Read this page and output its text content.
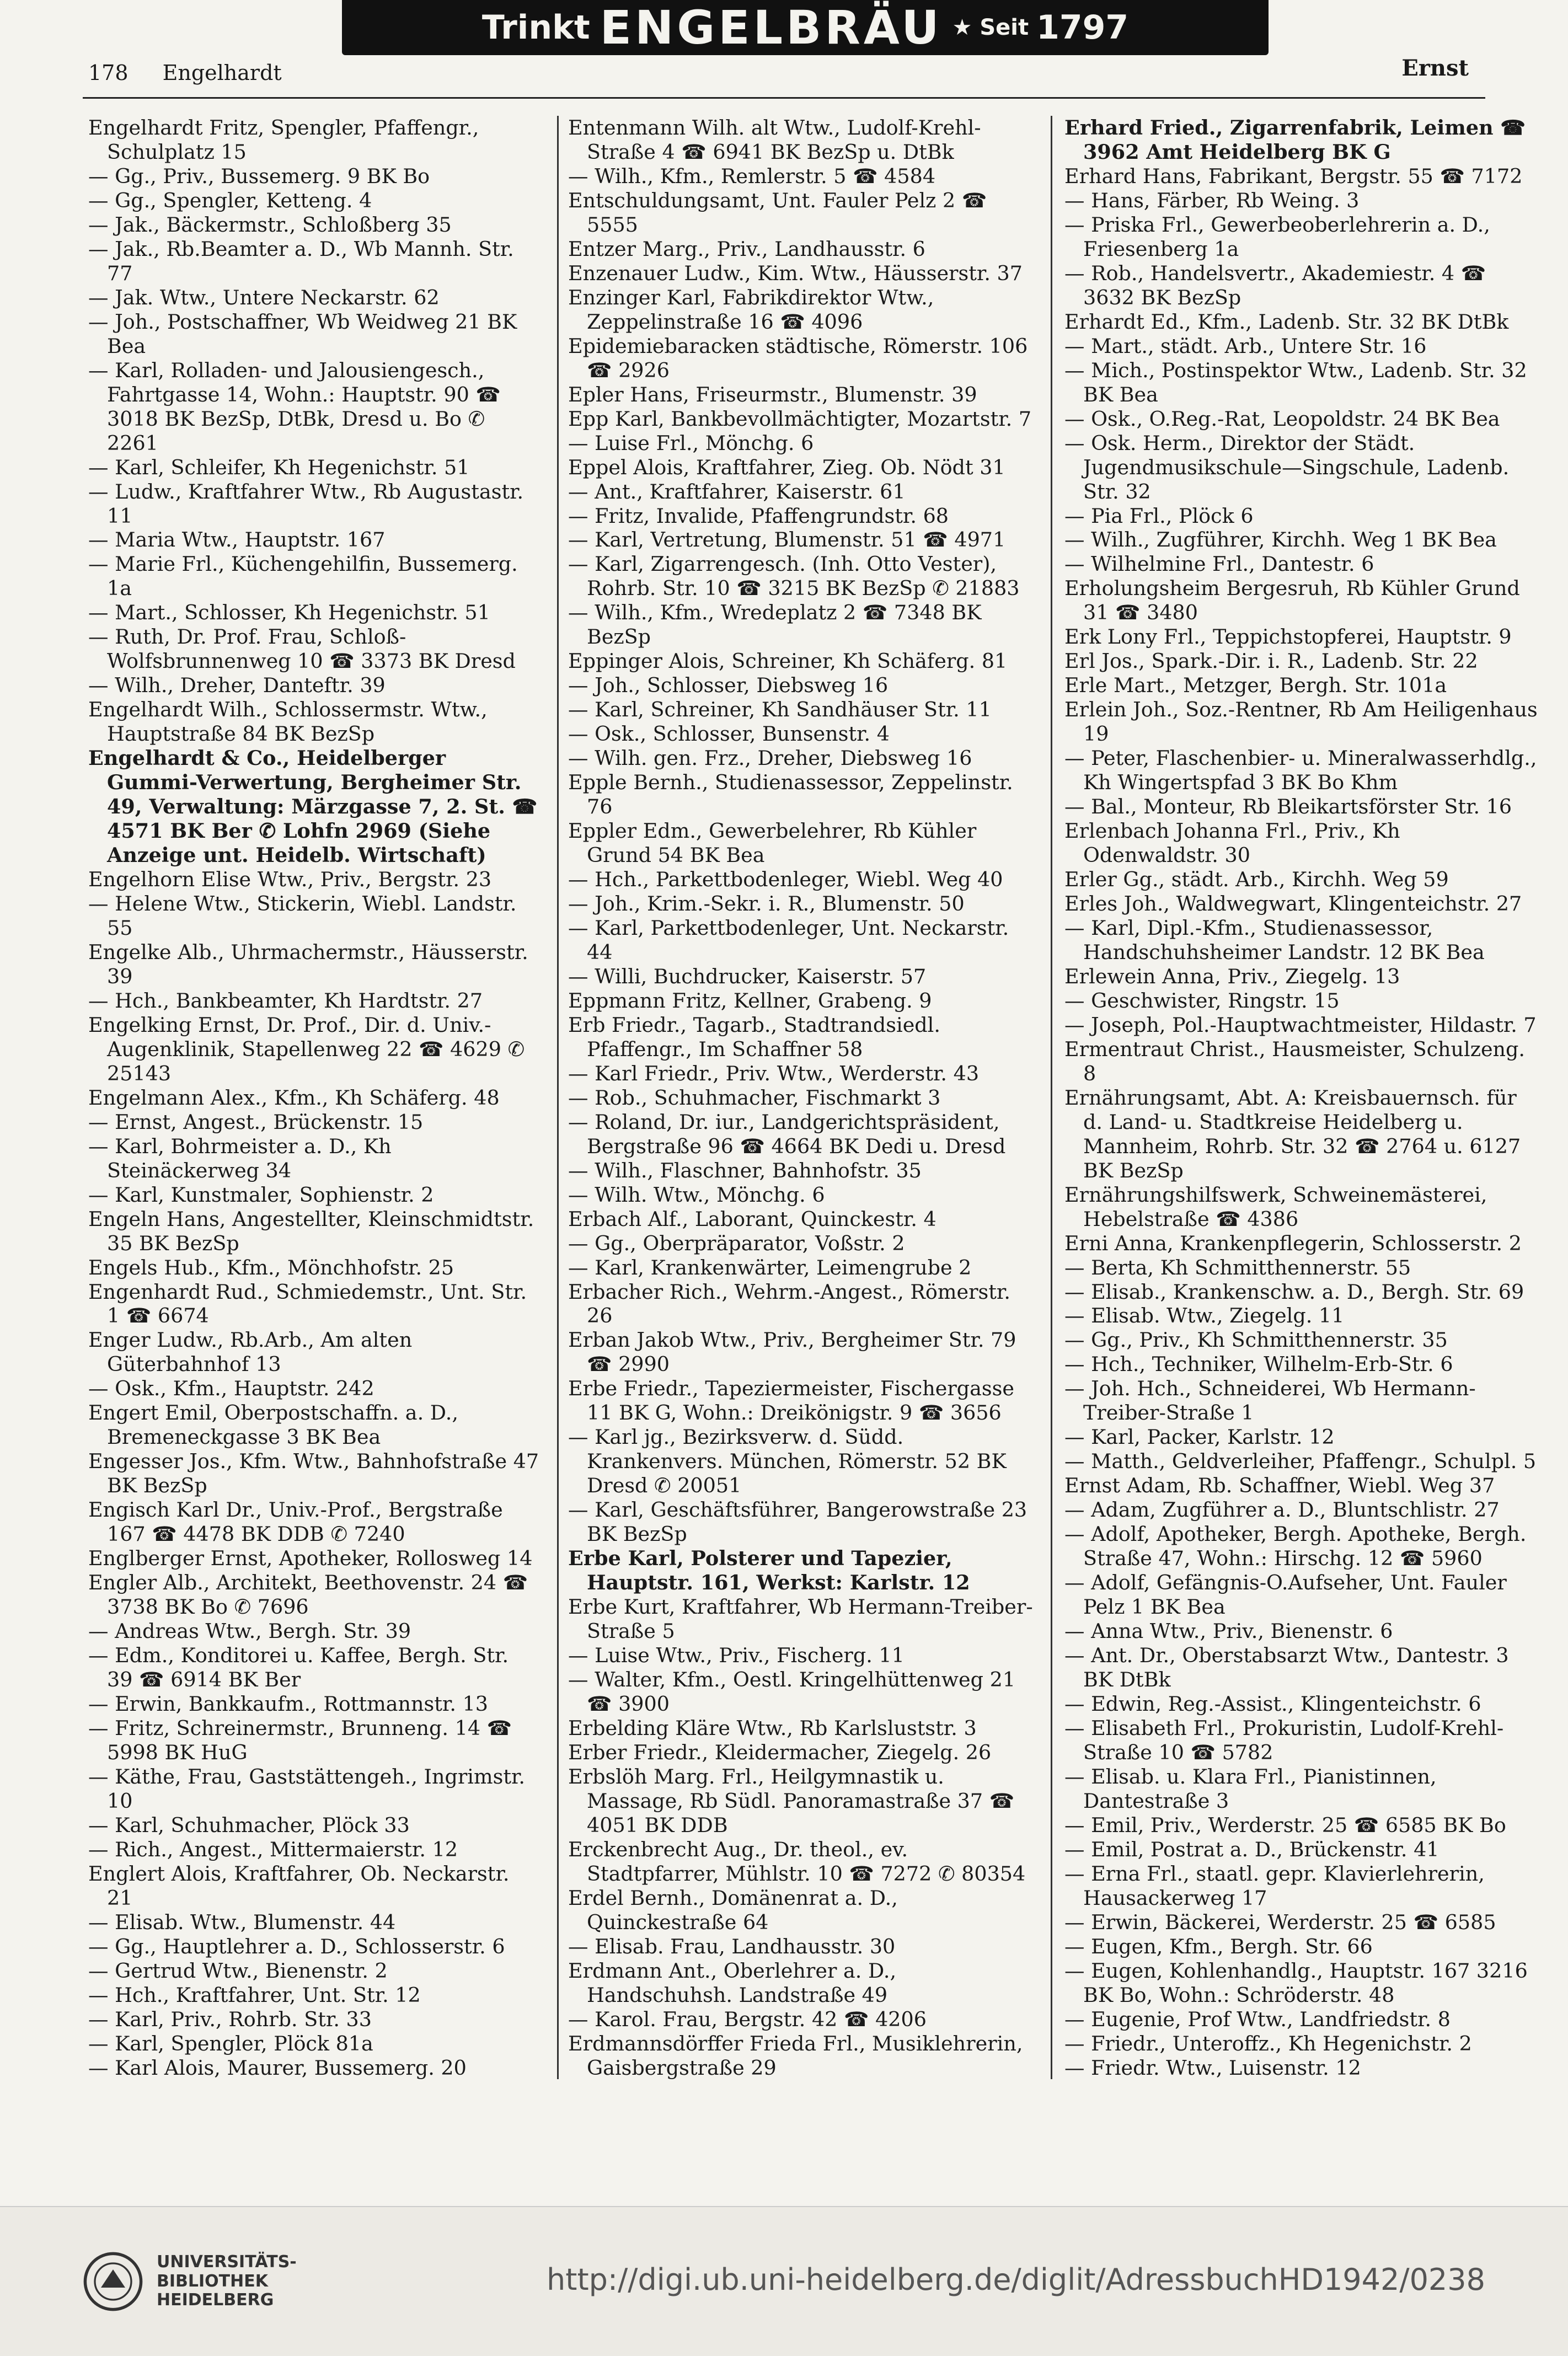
178 Engelhardt
Trinkt ENGELBRÄU ★ Seit 1797
Ernst

Engelhardt Fritz, Spengler, Pfaffengr., Schulplatz 15

— Gg., Priv., Bussemerg. 9 BK Bo

— Gg., Spengler, Ketteng. 4

— Jak., Bäckermstr., Schloßberg 35

— Jak., Rb.Beamter a. D., Wb Mannh. Str. 77

— Jak. Wtw., Untere Neckarstr. 62

— Joh., Postschaffner, Wb Weidweg 21 BK Bea

— Karl, Rolladen- und Jalousiengesch., Fahrtgasse 14, Wohn.: Hauptstr. 90 ☎ 3018 BK BezSp, DtBk, Dresd u. Bo ✆ 2261

— Karl, Schleifer, Kh Hegenichstr. 51

— Ludw., Kraftfahrer Wtw., Rb Augustastr. 11

— Maria Wtw., Hauptstr. 167

— Marie Frl., Küchengehilfin, Bussemerg. 1a

— Mart., Schlosser, Kh Hegenichstr. 51

— Ruth, Dr. Prof. Frau, Schloß-Wolfsbrunnenweg 10 ☎ 3373 BK Dresd

— Wilh., Dreher, Danteftr. 39

Engelhardt Wilh., Schlossermstr. Wtw., Hauptstraße 84 BK BezSp

Engelhardt & Co., Heidelberger Gummi-Verwertung, Bergheimer Str. 49, Verwaltung: Märzgasse 7, 2. St. ☎ 4571 BK Ber ✆ Lohfn 2969 (Siehe Anzeige unt. Heidelb. Wirtschaft)

Engelhorn Elise Wtw., Priv., Bergstr. 23

— Helene Wtw., Stickerin, Wiebl. Landstr. 55

Engelke Alb., Uhrmachermstr., Häusserstr. 39

— Hch., Bankbeamter, Kh Hardtstr. 27

Engelking Ernst, Dr. Prof., Dir. d. Univ.-Augenklinik, Stapellenweg 22 ☎ 4629 ✆ 25143

Engelmann Alex., Kfm., Kh Schäferg. 48

— Ernst, Angest., Brückenstr. 15

— Karl, Bohrmeister a. D., Kh Steinäckerweg 34

— Karl, Kunstmaler, Sophienstr. 2

Engeln Hans, Angestellter, Kleinschmidtstr. 35 BK BezSp

Engels Hub., Kfm., Mönchhofstr. 25

Engenhardt Rud., Schmiedemstr., Unt. Str. 1 ☎ 6674

Enger Ludw., Rb.Arb., Am alten Güterbahnhof 13

— Osk., Kfm., Hauptstr. 242

Engert Emil, Oberpostschaffn. a. D., Bremeneckgasse 3 BK Bea

Engesser Jos., Kfm. Wtw., Bahnhofstraße 47 BK BezSp

Engisch Karl Dr., Univ.-Prof., Bergstraße 167 ☎ 4478 BK DDB ✆ 7240

Englberger Ernst, Apotheker, Rollosweg 14

Engler Alb., Architekt, Beethovenstr. 24 ☎ 3738 BK Bo ✆ 7696

— Andreas Wtw., Bergh. Str. 39

— Edm., Konditorei u. Kaffee, Bergh. Str. 39 ☎ 6914 BK Ber

— Erwin, Bankkaufm., Rottmannstr. 13

— Fritz, Schreinermstr., Brunneng. 14 ☎ 5998 BK HuG

— Käthe, Frau, Gaststättengeh., Ingrimstr. 10

— Karl, Schuhmacher, Plöck 33

— Rich., Angest., Mittermaierstr. 12

Englert Alois, Kraftfahrer, Ob. Neckarstr. 21

— Elisab. Wtw., Blumenstr. 44

— Gg., Hauptlehrer a. D., Schlosserstr. 6

— Gertrud Wtw., Bienenstr. 2

— Hch., Kraftfahrer, Unt. Str. 12

— Karl, Priv., Rohrb. Str. 33

— Karl, Spengler, Plöck 81a

— Karl Alois, Maurer, Bussemerg. 20

Entenmann Wilh. alt Wtw., Ludolf-Krehl-Straße 4 ☎ 6941 BK BezSp u. DtBk

— Wilh., Kfm., Remlerstr. 5 ☎ 4584

Entschuldungsamt, Unt. Fauler Pelz 2 ☎ 5555

Entzer Marg., Priv., Landhausstr. 6

Enzenauer Ludw., Kim. Wtw., Häusserstr. 37

Enzinger Karl, Fabrikdirektor Wtw., Zeppelinstraße 16 ☎ 4096

Epidemiebaracken städtische, Römerstr. 106 ☎ 2926

Epler Hans, Friseurmstr., Blumenstr. 39

Epp Karl, Bankbevollmächtigter, Mozartstr. 7

— Luise Frl., Mönchg. 6

Eppel Alois, Kraftfahrer, Zieg. Ob. Nödt 31

— Ant., Kraftfahrer, Kaiserstr. 61

— Fritz, Invalide, Pfaffengrundstr. 68

— Karl, Vertretung, Blumenstr. 51 ☎ 4971

— Karl, Zigarrengesch. (Inh. Otto Vester), Rohrb. Str. 10 ☎ 3215 BK BezSp ✆ 21883

— Wilh., Kfm., Wredeplatz 2 ☎ 7348 BK BezSp

Eppinger Alois, Schreiner, Kh Schäferg. 81

— Joh., Schlosser, Diebsweg 16

— Karl, Schreiner, Kh Sandhäuser Str. 11

— Osk., Schlosser, Bunsenstr. 4

— Wilh. gen. Frz., Dreher, Diebsweg 16

Epple Bernh., Studienassessor, Zeppelinstr. 76

Eppler Edm., Gewerbelehrer, Rb Kühler Grund 54 BK Bea

— Hch., Parkettbodenleger, Wiebl. Weg 40

— Joh., Krim.-Sekr. i. R., Blumenstr. 50

— Karl, Parkettbodenleger, Unt. Neckarstr. 44

— Willi, Buchdrucker, Kaiserstr. 57

Eppmann Fritz, Kellner, Grabeng. 9

Erb Friedr., Tagarb., Stadtrandsiedl. Pfaffengr., Im Schaffner 58

— Karl Friedr., Priv. Wtw., Werderstr. 43

— Rob., Schuhmacher, Fischmarkt 3

— Roland, Dr. iur., Landgerichtspräsident, Bergstraße 96 ☎ 4664 BK Dedi u. Dresd

— Wilh., Flaschner, Bahnhofstr. 35

— Wilh. Wtw., Mönchg. 6

Erbach Alf., Laborant, Quinckestr. 4

— Gg., Oberpräparator, Voßstr. 2

— Karl, Krankenwärter, Leimengrube 2

Erbacher Rich., Wehrm.-Angest., Römerstr. 26

Erban Jakob Wtw., Priv., Bergheimer Str. 79 ☎ 2990

Erbe Friedr., Tapeziermeister, Fischergasse 11 BK G, Wohn.: Dreikönigstr. 9 ☎ 3656

— Karl jg., Bezirksverw. d. Südd. Krankenvers. München, Römerstr. 52 BK Dresd ✆ 20051

— Karl, Geschäftsführer, Bangerowstraße 23 BK BezSp

Erbe Karl, Polsterer und Tapezier, Hauptstr. 161, Werkst: Karlstr. 12

Erbe Kurt, Kraftfahrer, Wb Hermann-Treiber-Straße 5

— Luise Wtw., Priv., Fischerg. 11

— Walter, Kfm., Oestl. Kringelhüttenweg 21 ☎ 3900

Erbelding Kläre Wtw., Rb Karlsluststr. 3

Erber Friedr., Kleidermacher, Ziegelg. 26

Erbslöh Marg. Frl., Heilgymnastik u. Massage, Rb Südl. Panoramastraße 37 ☎ 4051 BK DDB

Erckenbrecht Aug., Dr. theol., ev. Stadtpfarrer, Mühlstr. 10 ☎ 7272 ✆ 80354

Erdel Bernh., Domänenrat a. D., Quinckestraße 64

— Elisab. Frau, Landhausstr. 30

Erdmann Ant., Oberlehrer a. D., Handschuhsh. Landstraße 49

— Karol. Frau, Bergstr. 42 ☎ 4206

Erdmannsdörffer Frieda Frl., Musiklehrerin, Gaisbergstraße 29

Erhard Fried., Zigarrenfabrik, Leimen ☎ 3962 Amt Heidelberg BK G

Erhard Hans, Fabrikant, Bergstr. 55 ☎ 7172

— Hans, Färber, Rb Weing. 3

— Priska Frl., Gewerbeoberlehrerin a. D., Friesenberg 1a

— Rob., Handelsvertr., Akademiestr. 4 ☎ 3632 BK BezSp

Erhardt Ed., Kfm., Ladenb. Str. 32 BK DtBk

— Mart., städt. Arb., Untere Str. 16

— Mich., Postinspektor Wtw., Ladenb. Str. 32 BK Bea

— Osk., O.Reg.-Rat, Leopoldstr. 24 BK Bea

— Osk. Herm., Direktor der Städt. Jugendmusikschule—Singschule, Ladenb. Str. 32

— Pia Frl., Plöck 6

— Wilh., Zugführer, Kirchh. Weg 1 BK Bea

— Wilhelmine Frl., Dantestr. 6

Erholungsheim Bergesruh, Rb Kühler Grund 31 ☎ 3480

Erk Lony Frl., Teppichstopferei, Hauptstr. 9

Erl Jos., Spark.-Dir. i. R., Ladenb. Str. 22

Erle Mart., Metzger, Bergh. Str. 101a

Erlein Joh., Soz.-Rentner, Rb Am Heiligenhaus 19

— Peter, Flaschenbier- u. Mineralwasserhdlg., Kh Wingertspfad 3 BK Bo Khm

— Bal., Monteur, Rb Bleikartsförster Str. 16

Erlenbach Johanna Frl., Priv., Kh Odenwaldstr. 30

Erler Gg., städt. Arb., Kirchh. Weg 59

Erles Joh., Waldwegwart, Klingenteichstr. 27

— Karl, Dipl.-Kfm., Studienassessor, Handschuhsheimer Landstr. 12 BK Bea

Erlewein Anna, Priv., Ziegelg. 13

— Geschwister, Ringstr. 15

— Joseph, Pol.-Hauptwachtmeister, Hildastr. 7

Ermentraut Christ., Hausmeister, Schulzeng. 8

Ernährungsamt, Abt. A: Kreisbauernsch. für d. Land- u. Stadtkreise Heidelberg u. Mannheim, Rohrb. Str. 32 ☎ 2764 u. 6127 BK BezSp

Ernährungshilfswerk, Schweinemästerei, Hebelstraße ☎ 4386

Erni Anna, Krankenpflegerin, Schlosserstr. 2

— Berta, Kh Schmitthennerstr. 55

— Elisab., Krankenschw. a. D., Bergh. Str. 69

— Elisab. Wtw., Ziegelg. 11

— Gg., Priv., Kh Schmitthennerstr. 35

— Hch., Techniker, Wilhelm-Erb-Str. 6

— Joh. Hch., Schneiderei, Wb Hermann-Treiber-Straße 1

— Karl, Packer, Karlstr. 12

— Matth., Geldverleiher, Pfaffengr., Schulpl. 5

Ernst Adam, Rb. Schaffner, Wiebl. Weg 37

— Adam, Zugführer a. D., Bluntschlistr. 27

— Adolf, Apotheker, Bergh. Apotheke, Bergh. Straße 47, Wohn.: Hirschg. 12 ☎ 5960

— Adolf, Gefängnis-O.Aufseher, Unt. Fauler Pelz 1 BK Bea

— Anna Wtw., Priv., Bienenstr. 6

— Ant. Dr., Oberstabsarzt Wtw., Dantestr. 3 BK DtBk

— Edwin, Reg.-Assist., Klingenteichstr. 6

— Elisabeth Frl., Prokuristin, Ludolf-Krehl-Straße 10 ☎ 5782

— Elisab. u. Klara Frl., Pianistinnen, Dantestraße 3

— Emil, Priv., Werderstr. 25 ☎ 6585 BK Bo

— Emil, Postrat a. D., Brückenstr. 41

— Erna Frl., staatl. gepr. Klavierlehrerin, Hausackerweg 17

— Erwin, Bäckerei, Werderstr. 25 ☎ 6585

— Eugen, Kfm., Bergh. Str. 66

— Eugen, Kohlenhandlg., Hauptstr. 167 3216 BK Bo, Wohn.: Schröderstr. 48

— Eugenie, Prof Wtw., Landfriedstr. 8

— Friedr., Unteroffz., Kh Hegenichstr. 2

— Friedr. Wtw., Luisenstr. 12

UNIVERSITÄTS-
BIBLIOTHEK
HEIDELBERG
http://digi.ub.uni-heidelberg.de/diglit/AdressbuchHD1942/0238
